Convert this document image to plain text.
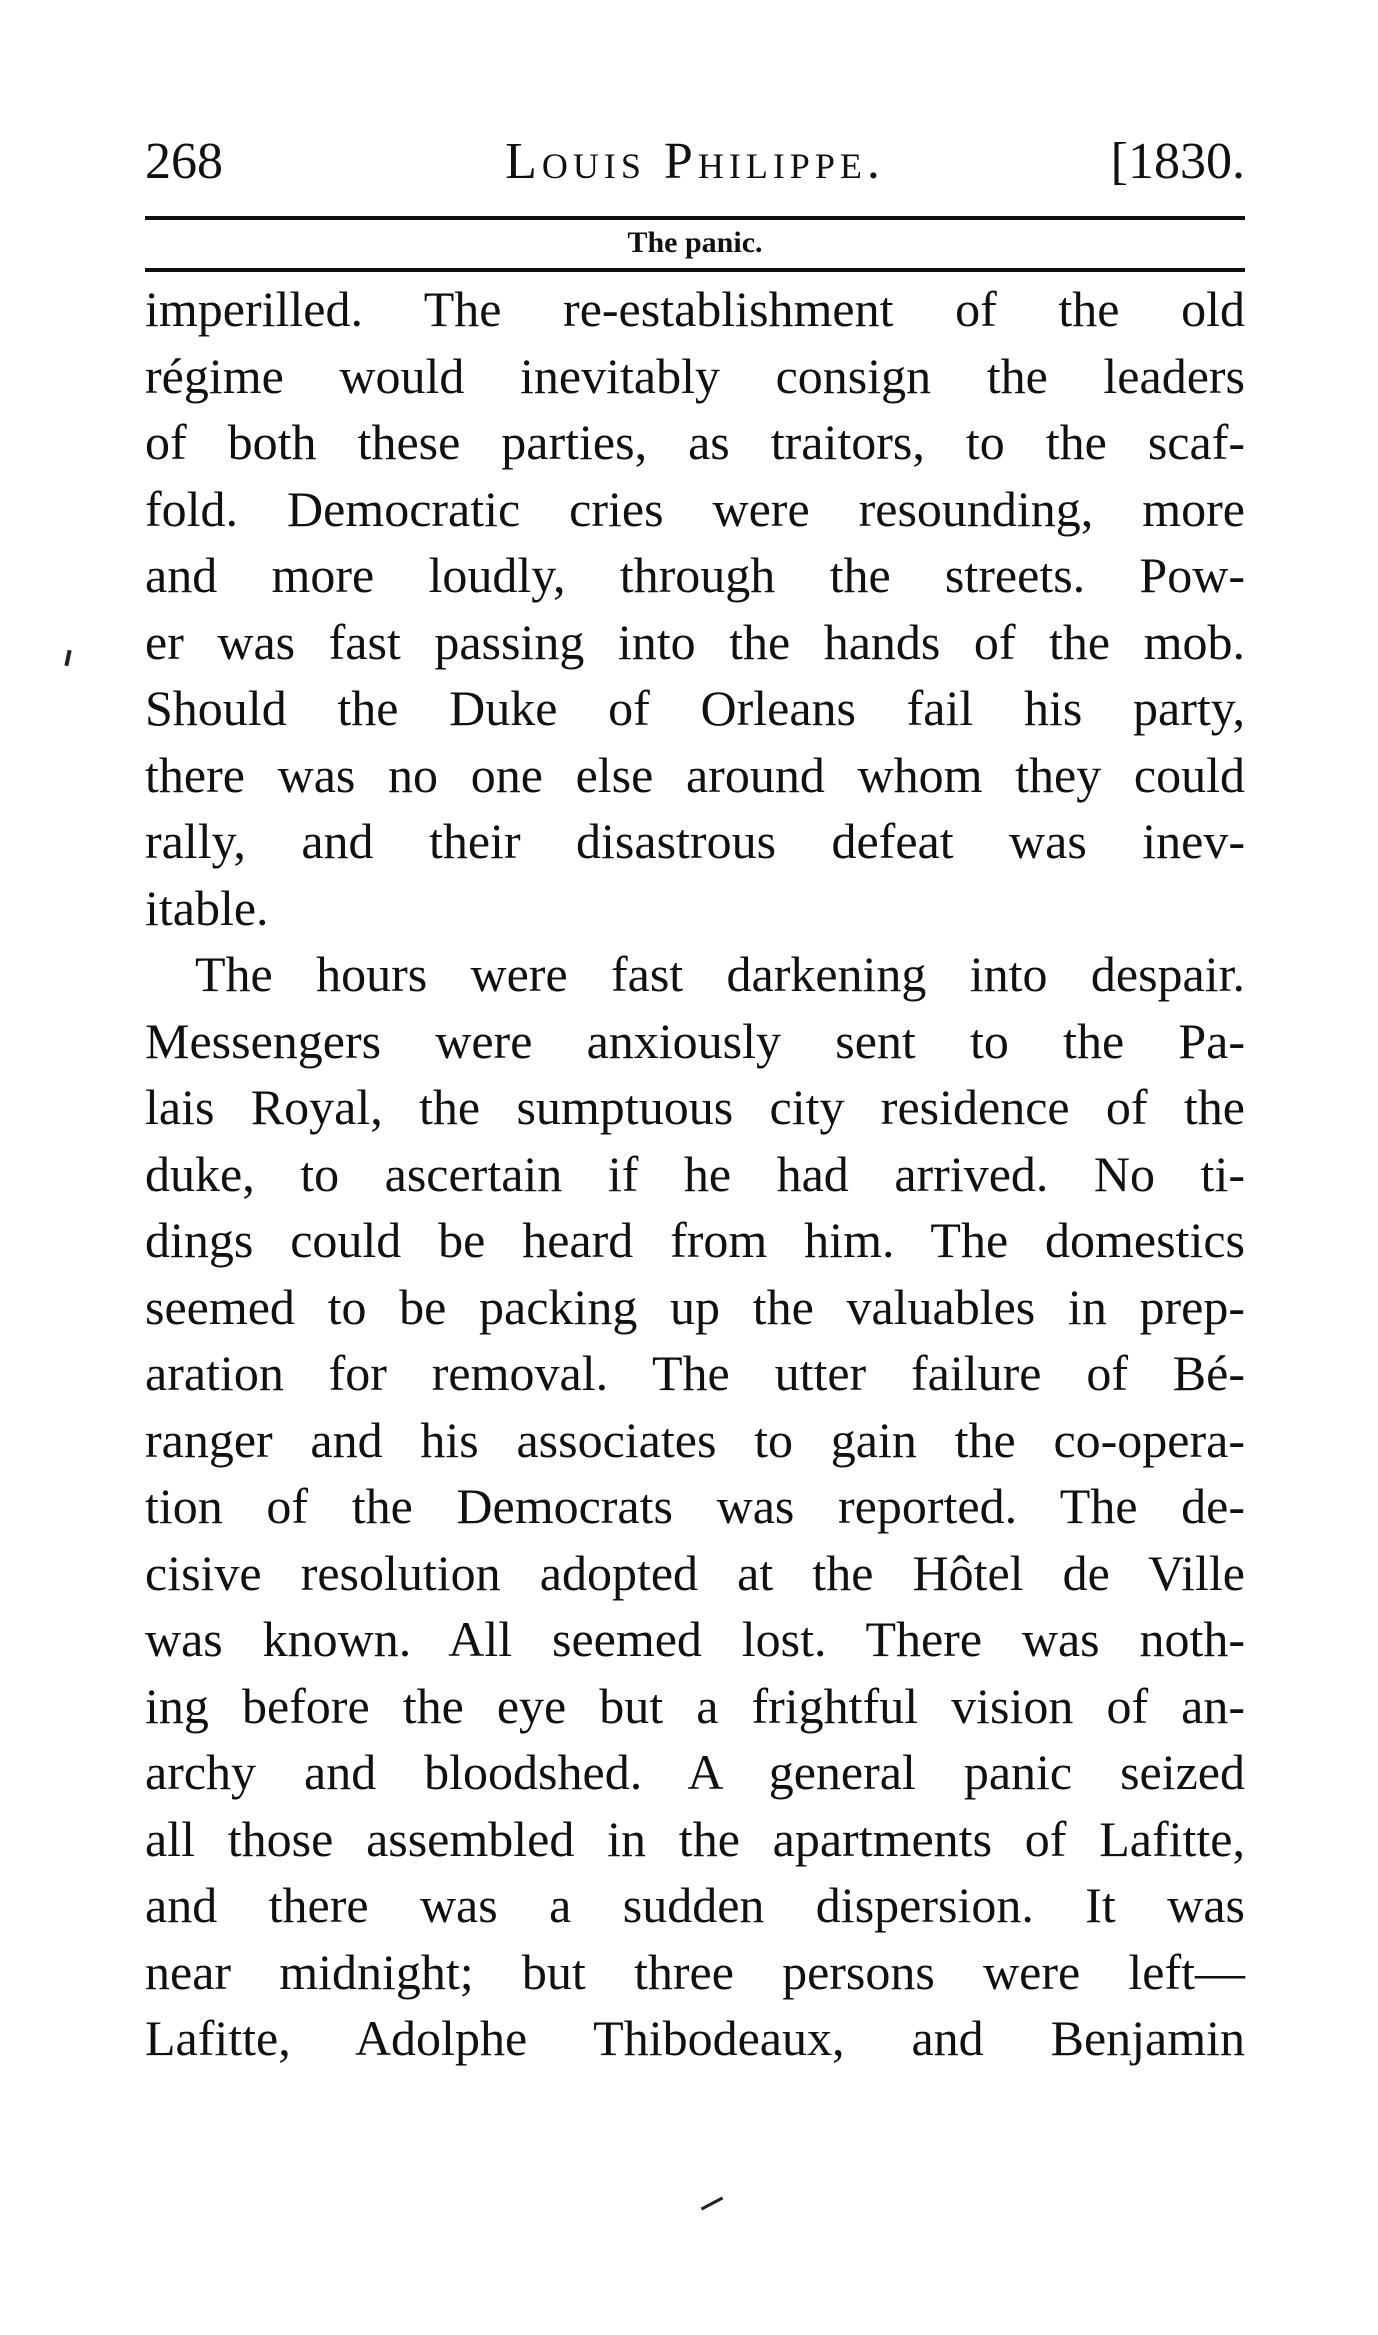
268	Louis Philippe.	[1830.
The panic.
imperilled. The re-establishment of the old
régime would inevitably consign the leaders
of both these parties, as traitors, to the scaf-
fold. Democratic cries were resounding, more
and more loudly, through the streets. Pow-
er was fast passing into the hands of the mob.
Should the Duke of Orleans fail his party,
there was no one else around whom they could
rally, and their disastrous defeat was inev-
itable.
The hours were fast darkening into despair.
Messengers were anxiously sent to the Pa-
lais Royal, the sumptuous city residence of the
duke, to ascertain if he had arrived. No ti-
dings could be heard from him. The domestics
seemed to be packing up the valuables in prep-
aration for removal. The utter failure of Bé-
ranger and his associates to gain the co-opera-
tion of the Democrats was reported. The de-
cisive resolution adopted at the Hôtel de Ville
was known. All seemed lost. There was noth-
ing before the eye but a frightful vision of an-
archy and bloodshed. A general panic seized
all those assembled in the apartments of Lafitte,
and there was a sudden dispersion. It was
near midnight; but three persons were left—
Lafitte, Adolphe Thibodeaux, and Benjamin
